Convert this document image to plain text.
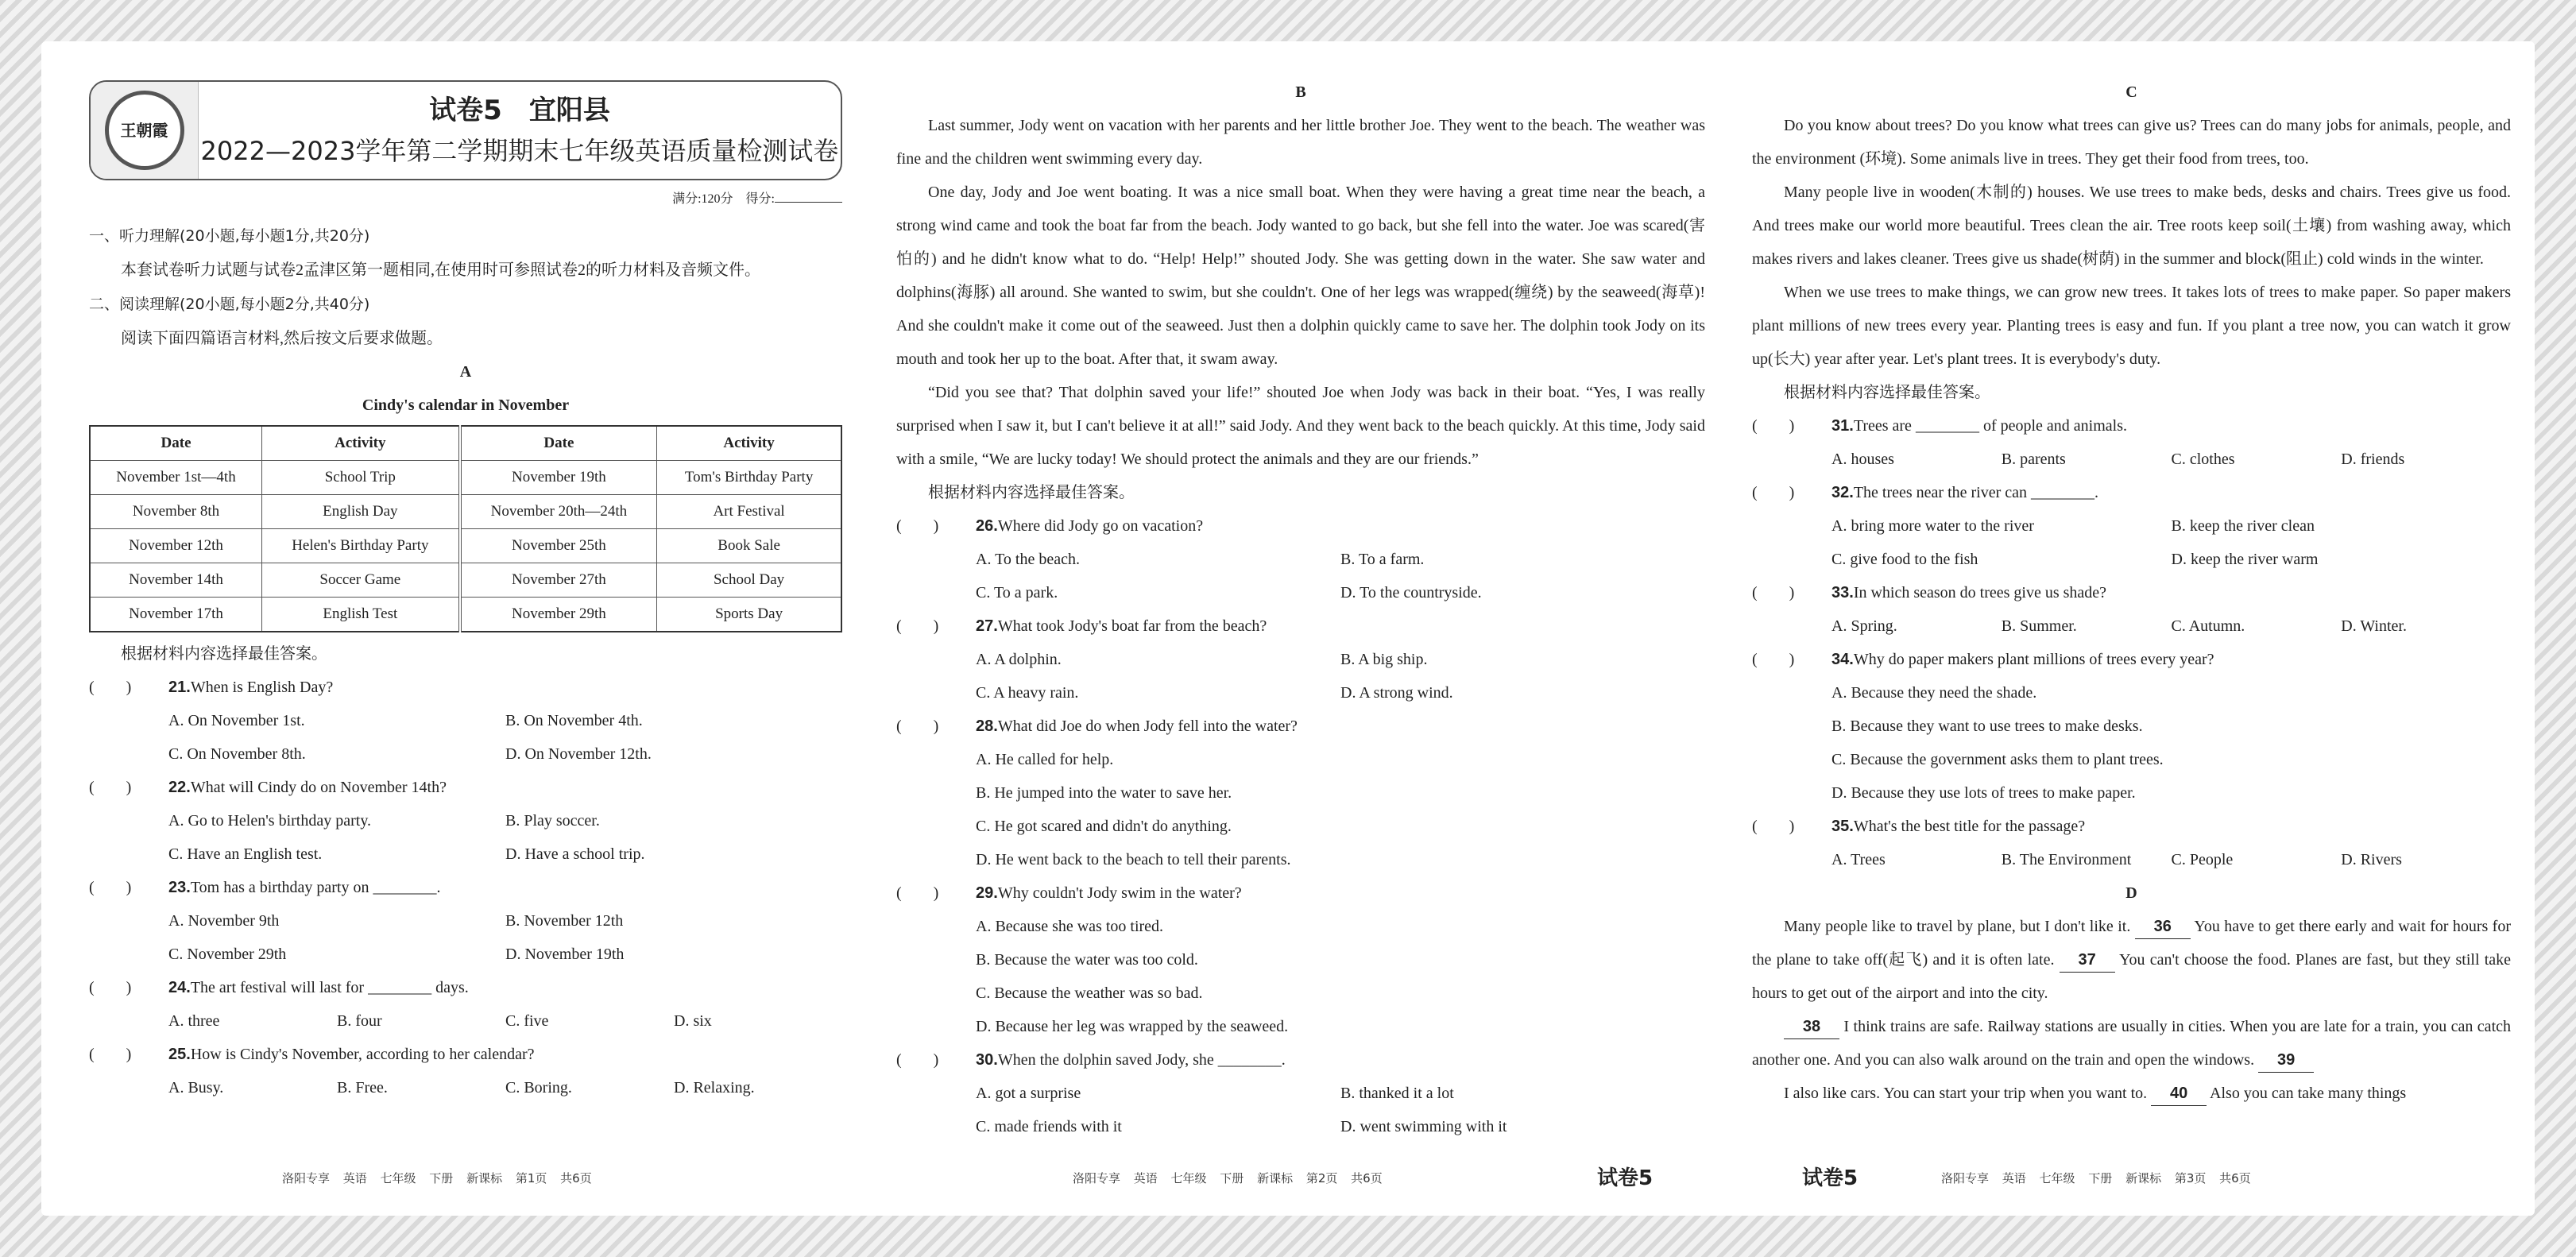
王朝霞
试卷5　宜阳县
2022—2023学年第二学期期末七年级英语质量检测试卷
满分:120分　 得分:
一、听力理解(20小题,每小题1分,共20分)

本套试卷听力试题与试卷2孟津区第一题相同,在使用时可参照试卷2的听力材料及音频文件。

二、阅读理解(20小题,每小题2分,共40分)

阅读下面四篇语言材料,然后按文后要求做题。

A
Cindy's calendar in November
Date	Activity	Date	Activity
November 1st—4th	School Trip	November 19th	Tom's Birthday Party
November 8th	English Day	November 20th—24th	Art Festival
November 12th	Helen's Birthday Party	November 25th	Book Sale
November 14th	Soccer Game	November 27th	School Day
November 17th	English Test	November 29th	Sports Day

根据材料内容选择最佳答案。

(        )	21. When is English Day?
A. On November 1st.	B. On November 4th.
C. On November 8th.	D. On November 12th.
(        )	22. What will Cindy do on November 14th?
A. Go to Helen's birthday party.	B. Play soccer.
C. Have an English test.	D. Have a school trip.
(        )	23. Tom has a birthday party on ________.
A. November 9th	B. November 12th
C. November 29th	D. November 19th
(        )	24. The art festival will last for ________ days.
A. three	B. four	C. five	D. six
(        )	25. How is Cindy's November, according to her calendar?
A. Busy.	B. Free.	C. Boring.	D. Relaxing.
B

Last summer, Jody went on vacation with her parents and her little brother Joe. They went to the beach. The weather was fine and the children went swimming every day.

One day, Jody and Joe went boating. It was a nice small boat. When they were having a great time near the beach, a strong wind came and took the boat far from the beach. Jody wanted to go back, but she fell into the water. Joe was scared(害怕的) and he didn't know what to do. “Help! Help!” shouted Jody. She was getting down in the water. She saw water and dolphins(海豚) all around. She wanted to swim, but she couldn't. One of her legs was wrapped(缠绕) by the seaweed(海草)! And she couldn't make it come out of the seaweed. Just then a dolphin quickly came to save her. The dolphin took Jody on its mouth and took her up to the boat. After that, it swam away.

“Did you see that? That dolphin saved your life!” shouted Joe when Jody was back in their boat. “Yes, I was really surprised when I saw it, but I can't believe it at all!” said Jody. And they went back to the beach quickly. At this time, Jody said with a smile, “We are lucky today! We should protect the animals and they are our friends.”

根据材料内容选择最佳答案。

(        )	26. Where did Jody go on vacation?
A. To the beach.	B. To a farm.
C. To a park.	D. To the countryside.
(        )	27. What took Jody's boat far from the beach?
A. A dolphin.	B. A big ship.
C. A heavy rain.	D. A strong wind.
(        )	28. What did Joe do when Jody fell into the water?
A. He called for help.
B. He jumped into the water to save her.
C. He got scared and didn't do anything.
D. He went back to the beach to tell their parents.
(        )	29. Why couldn't Jody swim in the water?
A. Because she was too tired.
B. Because the water was too cold.
C. Because the weather was so bad.
D. Because her leg was wrapped by the seaweed.
(        )	30. When the dolphin saved Jody, she ________.
A. got a surprise	B. thanked it a lot
C. made friends with it	D. went swimming with it
C

Do you know about trees? Do you know what trees can give us? Trees can do many jobs for animals, people, and the environment (环境). Some animals live in trees. They get their food from trees, too.

Many people live in wooden(木制的) houses. We use trees to make beds, desks and chairs. Trees give us food. And trees make our world more beautiful. Trees clean the air. Tree roots keep soil(土壤) from washing away, which makes rivers and lakes cleaner. Trees give us shade(树荫) in the summer and block(阻止) cold winds in the winter.

When we use trees to make things, we can grow new trees. It takes lots of trees to make paper. So paper makers plant millions of new trees every year. Planting trees is easy and fun. If you plant a tree now, you can watch it grow up(长大) year after year. Let's plant trees. It is everybody's duty.

根据材料内容选择最佳答案。

(        )	31. Trees are ________ of people and animals.
A. houses	B. parents	C. clothes	D. friends
(        )	32. The trees near the river can ________.
A. bring more water to the river	B. keep the river clean
C. give food to the fish	D. keep the river warm
(        )	33. In which season do trees give us shade?
A. Spring.	B. Summer.	C. Autumn.	D. Winter.
(        )	34. Why do paper makers plant millions of trees every year?
A. Because they need the shade.
B. Because they want to use trees to make desks.
C. Because the government asks them to plant trees.
D. Because they use lots of trees to make paper.
(        )	35. What's the best title for the passage?
A. Trees	B. The Environment	C. People	D. Rivers
D

Many people like to travel by plane, but I don't like it. 36 You have to get there early and wait for hours for the plane to take off(起飞) and it is often late. 37 You can't choose the food. Planes are fast, but they still take hours to get out of the airport and into the city.

38 I think trains are safe. Railway stations are usually in cities. When you are late for a train, you can catch another one. And you can also walk around on the train and open the windows. 39

I also like cars. You can start your trip when you want to. 40 Also you can take many things

洛阳专享 英语 七年级 下册 新课标 第1页 共6页	洛阳专享 英语 七年级 下册 新课标 第2页 共6页	试卷5	试卷5	洛阳专享 英语 七年级 下册 新课标 第3页 共6页
